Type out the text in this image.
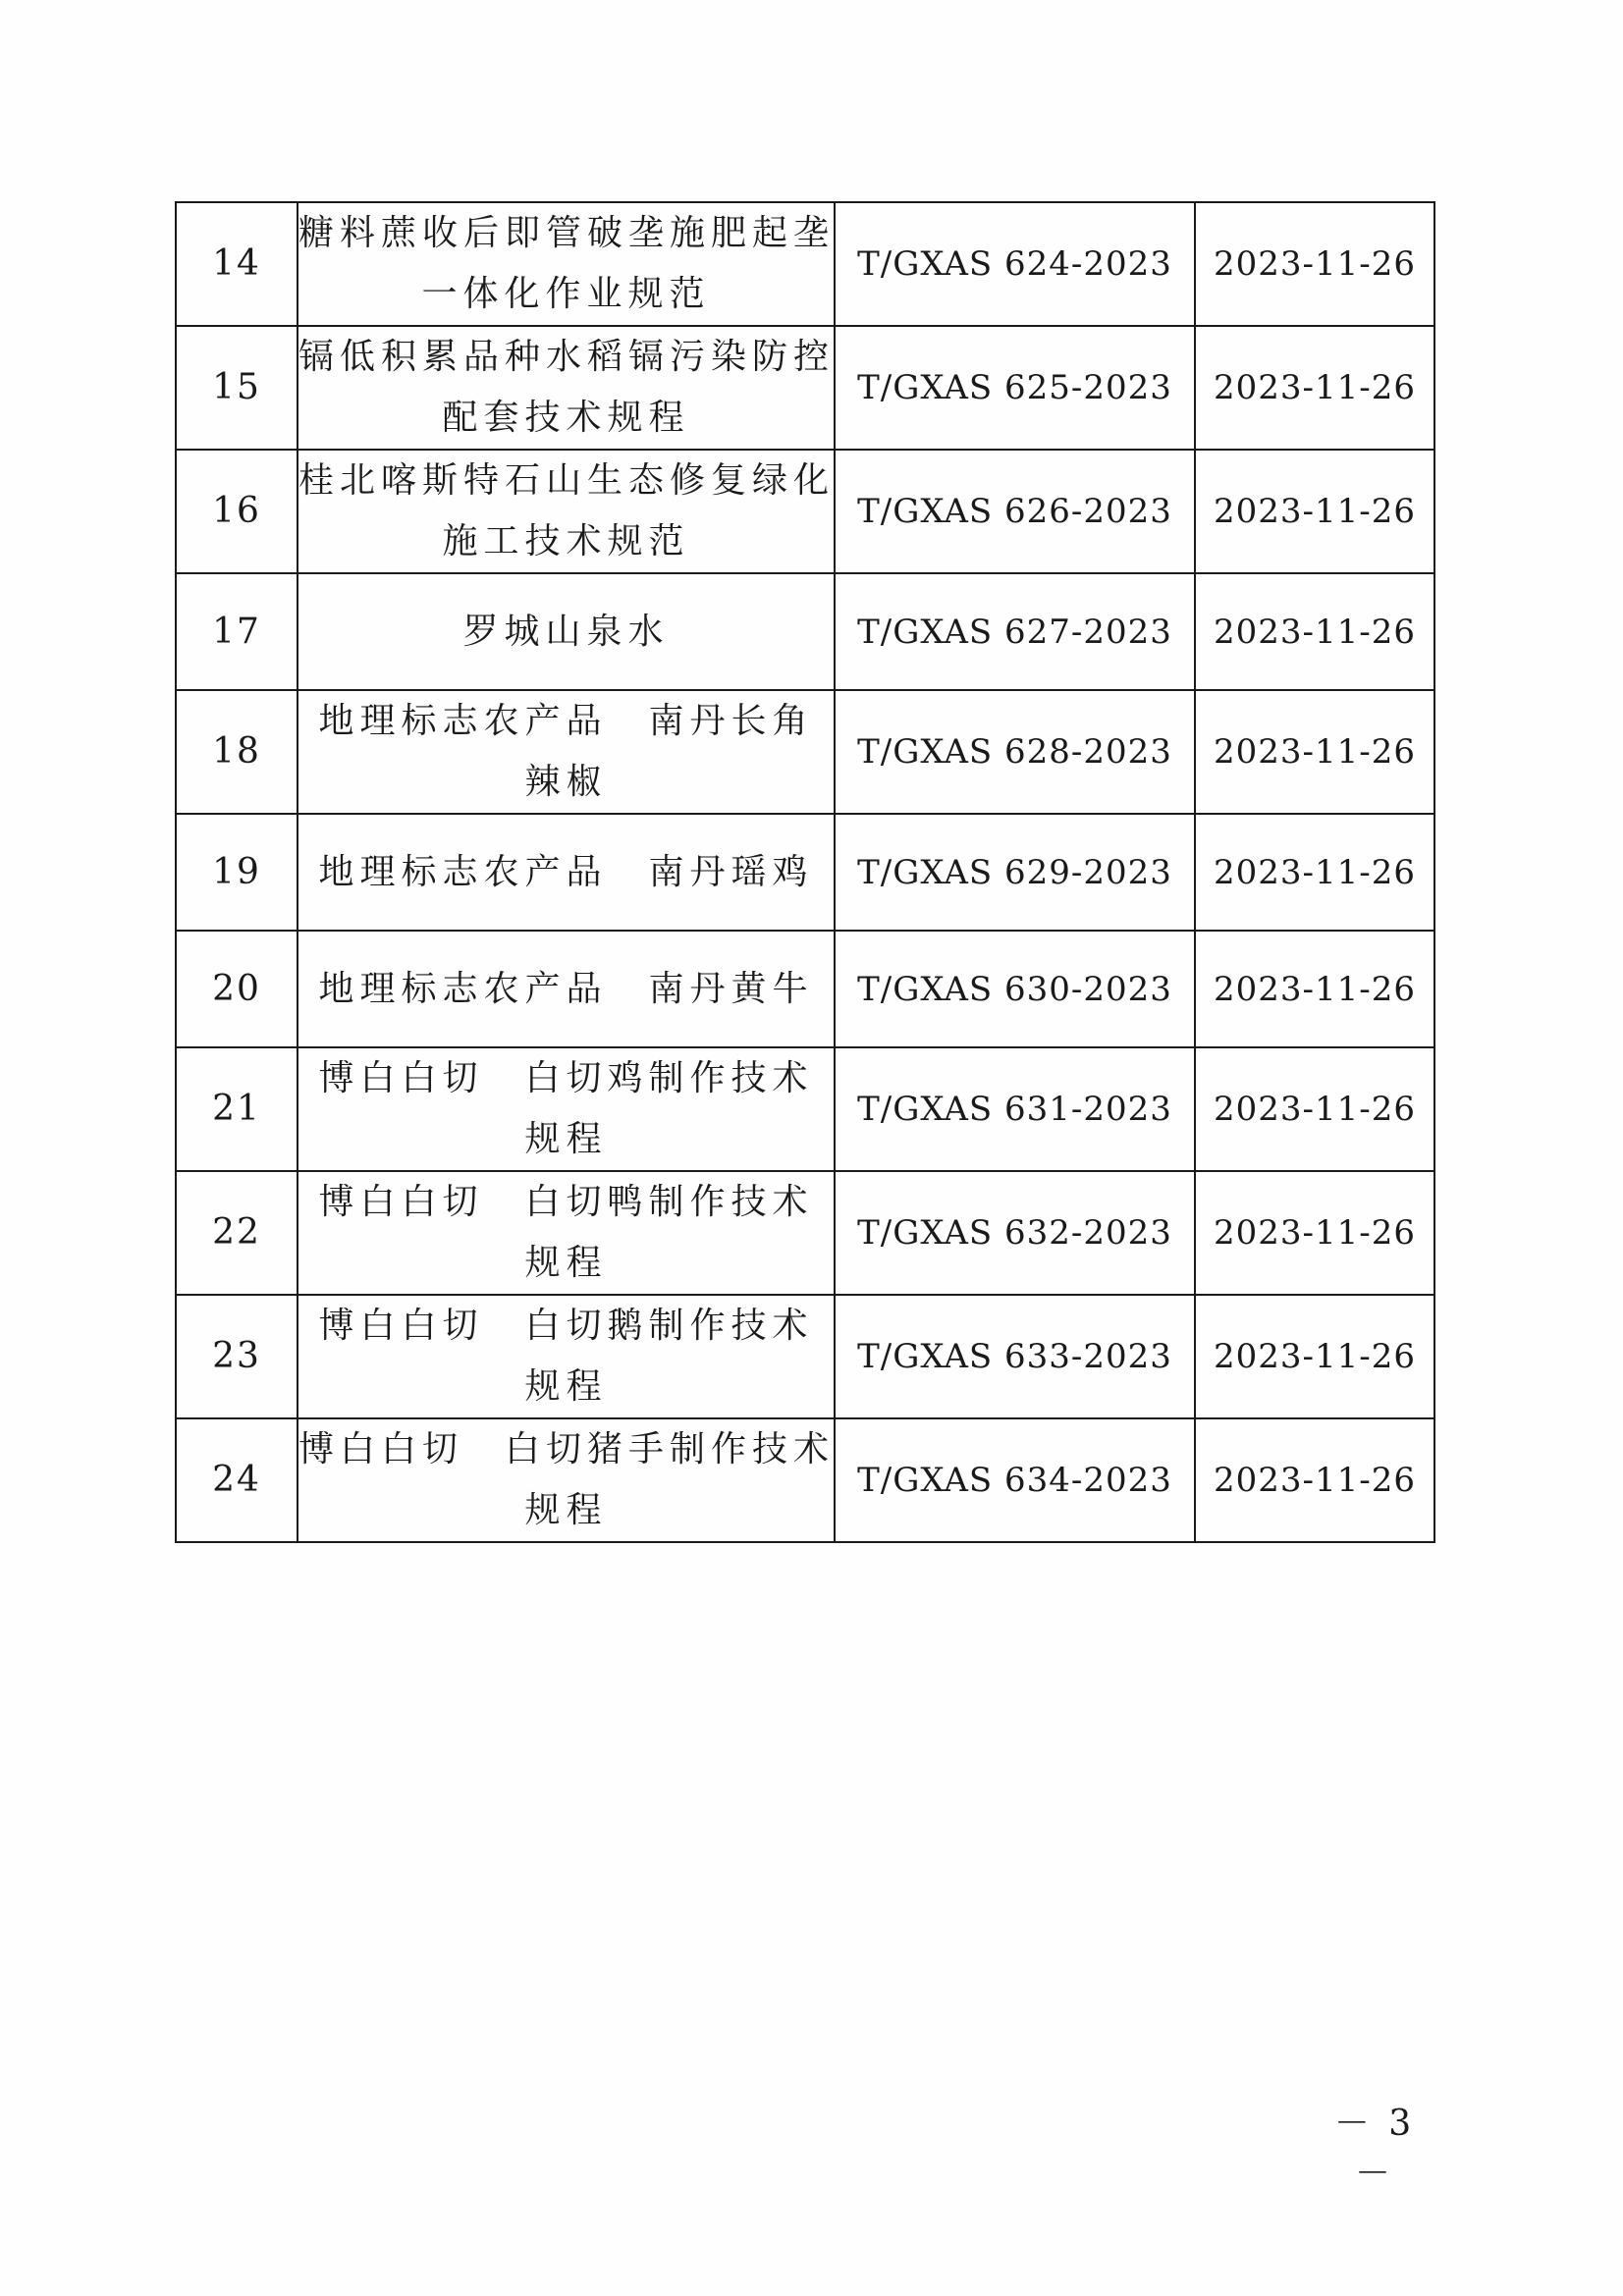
14	糖料蔗收后即管破垄施肥起垄
一体化作业规范	T/GXAS 624-2023	2023-11-26
15	镉低积累品种水稻镉污染防控
配套技术规程	T/GXAS 625-2023	2023-11-26
16	桂北喀斯特石山生态修复绿化
施工技术规范	T/GXAS 626-2023	2023-11-26
17	罗城山泉水	T/GXAS 627-2023	2023-11-26
18	地理标志农产品　南丹长角
辣椒	T/GXAS 628-2023	2023-11-26
19	地理标志农产品　南丹瑶鸡	T/GXAS 629-2023	2023-11-26
20	地理标志农产品　南丹黄牛	T/GXAS 630-2023	2023-11-26
21	博白白切　白切鸡制作技术
规程	T/GXAS 631-2023	2023-11-26
22	博白白切　白切鸭制作技术
规程	T/GXAS 632-2023	2023-11-26
23	博白白切　白切鹅制作技术
规程	T/GXAS 633-2023	2023-11-26
24	博白白切　白切猪手制作技术
规程	T/GXAS 634-2023	2023-11-26
－ 3 －
